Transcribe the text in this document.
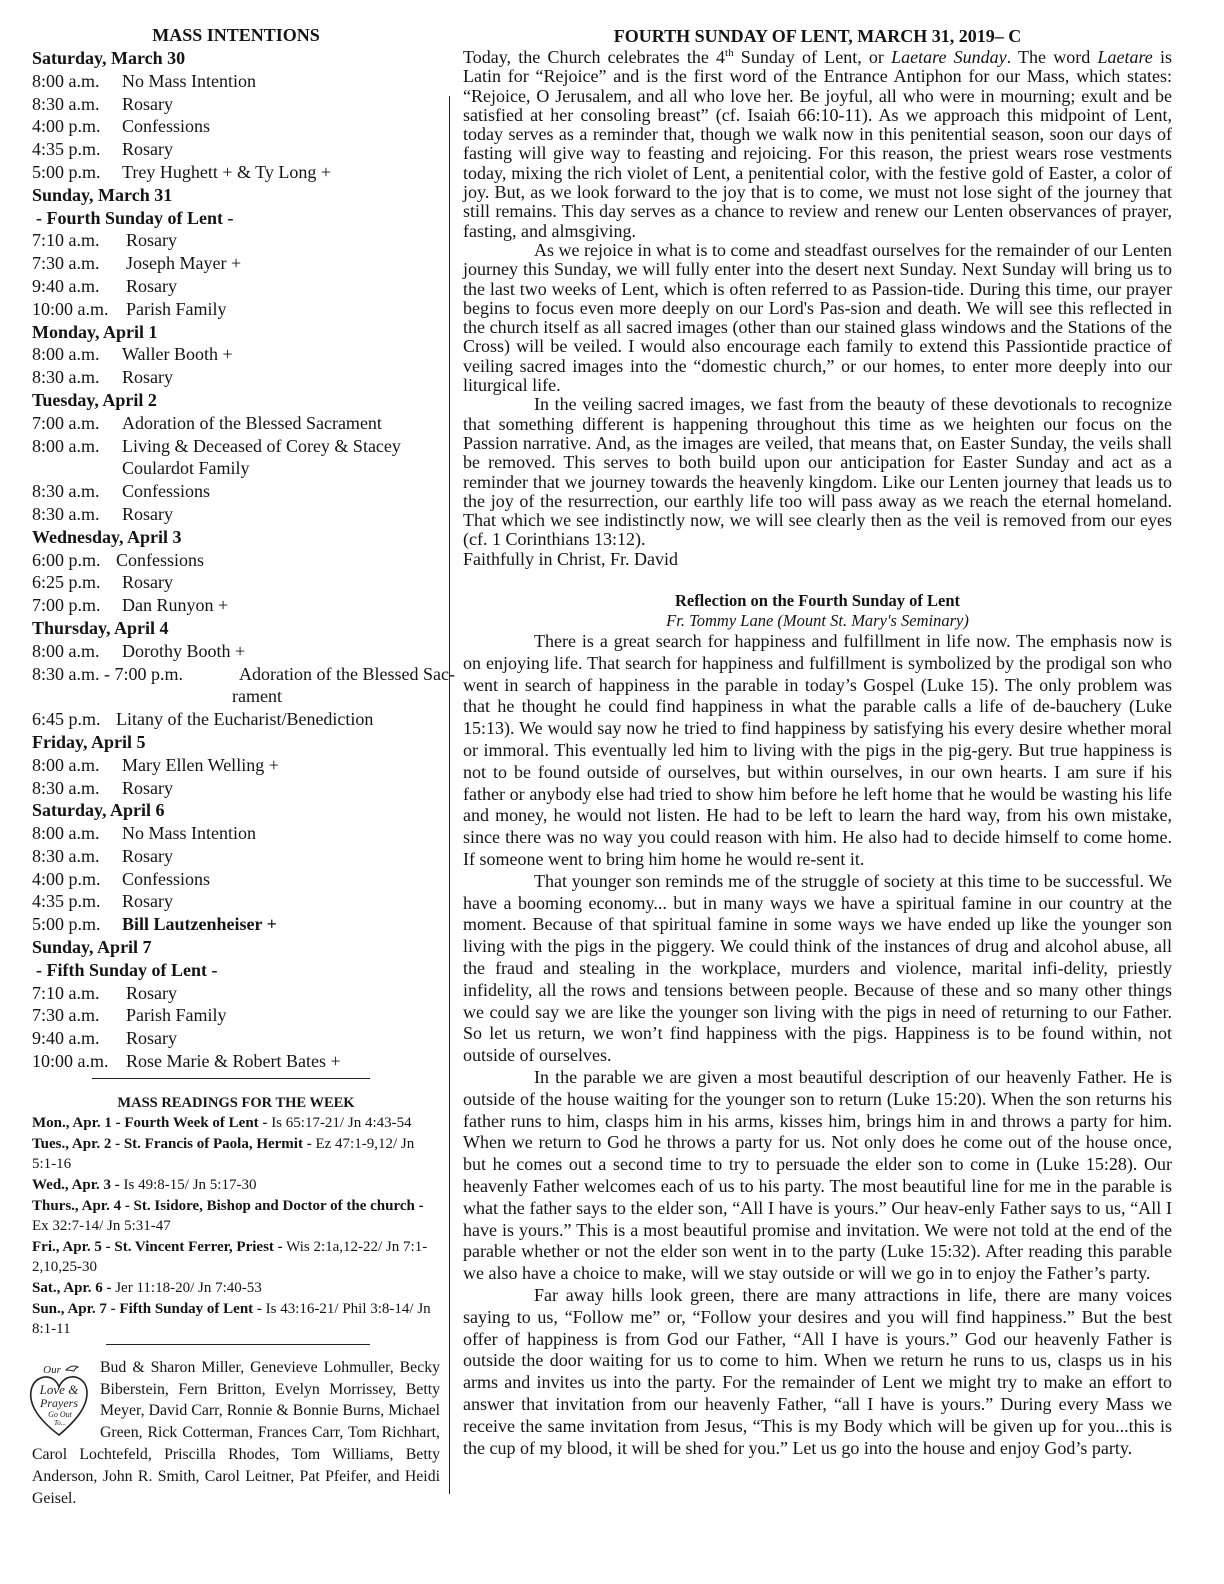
MASS INTENTIONS
Saturday, March 30
8:00 a.m. No Mass Intention
8:30 a.m. Rosary
4:00 p.m. Confessions
4:35 p.m. Rosary
5:00 p.m. Trey Hughett + & Ty Long +
Sunday, March 31
- Fourth Sunday of Lent -
7:10 a.m. Rosary
7:30 a.m. Joseph Mayer +
9:40 a.m. Rosary
10:00 a.m. Parish Family
Monday, April 1
8:00 a.m. Waller Booth +
8:30 a.m. Rosary
Tuesday, April 2
7:00 a.m. Adoration of the Blessed Sacrament
8:00 a.m. Living & Deceased of Corey & Stacey
Coulardot Family
8:30 a.m. Confessions
8:30 a.m. Rosary
Wednesday, April 3
6:00 p.m. Confessions
6:25 p.m. Rosary
7:00 p.m. Dan Runyon +
Thursday, April 4
8:00 a.m. Dorothy Booth +
8:30 a.m. - 7:00 p.m.	Adoration of the Blessed Sac-
rament
6:45 p.m. Litany of the Eucharist/Benediction
Friday, April 5
8:00 a.m. Mary Ellen Welling +
8:30 a.m. Rosary
Saturday, April 6
8:00 a.m. No Mass Intention
8:30 a.m. Rosary
4:00 p.m. Confessions
4:35 p.m. Rosary
5:00 p.m. Bill Lautzenheiser +
Sunday, April 7
- Fifth Sunday of Lent -
7:10 a.m. Rosary
7:30 a.m. Parish Family
9:40 a.m. Rosary
10:00 a.m. Rose Marie & Robert Bates +
MASS READINGS FOR THE WEEK
Mon., Apr. 1 - Fourth Week of Lent - Is 65:17-21/ Jn 4:43-54
Tues., Apr. 2 - St. Francis of Paola, Hermit - Ez 47:1-9,12/ Jn 5:1-16
Wed., Apr. 3 - Is 49:8-15/ Jn 5:17-30
Thurs., Apr. 4 - St. Isidore, Bishop and Doctor of the church - Ex 32:7-14/ Jn 5:31-47
Fri., Apr. 5 - St. Vincent Ferrer, Priest - Wis 2:1a,12-22/ Jn 7:1-2,10,25-30
Sat., Apr. 6 - Jer 11:18-20/ Jn 7:40-53
Sun., Apr. 7 - Fifth Sunday of Lent - Is 43:16-21/ Phil 3:8-14/ Jn 8:1-11
Our
Love &
Prayers
Go Out
To...
Bud & Sharon Miller, Genevieve Lohmuller, Becky Biberstein, Fern Britton, Evelyn Morrissey, Betty Meyer, David Carr, Ronnie & Bonnie Burns, Michael Green, Rick Cotterman, Frances Carr, Tom Richhart, Carol Lochtefeld, Priscilla Rhodes, Tom Williams, Betty Anderson, John R. Smith, Carol Leitner, Pat Pfeifer, and Heidi Geisel.
FOURTH SUNDAY OF LENT, MARCH 31, 2019– C

Today, the Church celebrates the 4th Sunday of Lent, or Laetare Sunday. The word Laetare is Latin for “Rejoice” and is the first word of the Entrance Antiphon for our Mass, which states: “Rejoice, O Jerusalem, and all who love her. Be joyful, all who were in mourning; exult and be satisfied at her consoling breast” (cf. Isaiah 66:10-11). As we approach this midpoint of Lent, today serves as a reminder that, though we walk now in this penitential season, soon our days of fasting will give way to feasting and rejoicing. For this reason, the priest wears rose vestments today, mixing the rich violet of Lent, a penitential color, with the festive gold of Easter, a color of joy. But, as we look forward to the joy that is to come, we must not lose sight of the journey that still remains. This day serves as a chance to review and renew our Lenten observances of prayer, fasting, and almsgiving.

As we rejoice in what is to come and steadfast ourselves for the remainder of our Lenten journey this Sunday, we will fully enter into the desert next Sunday. Next Sunday will bring us to the last two weeks of Lent, which is often referred to as Passion-tide. During this time, our prayer begins to focus even more deeply on our Lord's Pas-sion and death. We will see this reflected in the church itself as all sacred images (other than our stained glass windows and the Stations of the Cross) will be veiled. I would also encourage each family to extend this Passiontide practice of veiling sacred images into the “domestic church,” or our homes, to enter more deeply into our liturgical life.

In the veiling sacred images, we fast from the beauty of these devotionals to recognize that something different is happening throughout this time as we heighten our focus on the Passion narrative. And, as the images are veiled, that means that, on Easter Sunday, the veils shall be removed. This serves to both build upon our anticipation for Easter Sunday and act as a reminder that we journey towards the heavenly kingdom. Like our Lenten journey that leads us to the joy of the resurrection, our earthly life too will pass away as we reach the eternal homeland. That which we see indistinctly now, we will see clearly then as the veil is removed from our eyes (cf. 1 Corinthians 13:12).

Faithfully in Christ, Fr. David
Reflection on the Fourth Sunday of Lent
Fr. Tommy Lane (Mount St. Mary's Seminary)

There is a great search for happiness and fulfillment in life now. The emphasis now is on enjoying life. That search for happiness and fulfillment is symbolized by the prodigal son who went in search of happiness in the parable in today’s Gospel (Luke 15). The only problem was that he thought he could find happiness in what the parable calls a life of de-bauchery (Luke 15:13). We would say now he tried to find happiness by satisfying his every desire whether moral or immoral. This eventually led him to living with the pigs in the pig-gery. But true happiness is not to be found outside of ourselves, but within ourselves, in our own hearts. I am sure if his father or anybody else had tried to show him before he left home that he would be wasting his life and money, he would not listen. He had to be left to learn the hard way, from his own mistake, since there was no way you could reason with him. He also had to decide himself to come home. If someone went to bring him home he would re-sent it.

That younger son reminds me of the struggle of society at this time to be successful. We have a booming economy... but in many ways we have a spiritual famine in our country at the moment. Because of that spiritual famine in some ways we have ended up like the younger son living with the pigs in the piggery. We could think of the instances of drug and alcohol abuse, all the fraud and stealing in the workplace, murders and violence, marital infi-delity, priestly infidelity, all the rows and tensions between people. Because of these and so many other things we could say we are like the younger son living with the pigs in need of returning to our Father. So let us return, we won’t find happiness with the pigs. Happiness is to be found within, not outside of ourselves.

In the parable we are given a most beautiful description of our heavenly Father. He is outside of the house waiting for the younger son to return (Luke 15:20). When the son returns his father runs to him, clasps him in his arms, kisses him, brings him in and throws a party for him. When we return to God he throws a party for us. Not only does he come out of the house once, but he comes out a second time to try to persuade the elder son to come in (Luke 15:28). Our heavenly Father welcomes each of us to his party. The most beautiful line for me in the parable is what the father says to the elder son, “All I have is yours.” Our heav-enly Father says to us, “All I have is yours.” This is a most beautiful promise and invitation. We were not told at the end of the parable whether or not the elder son went in to the party (Luke 15:32). After reading this parable we also have a choice to make, will we stay outside or will we go in to enjoy the Father’s party.

Far away hills look green, there are many attractions in life, there are many voices saying to us, “Follow me” or, “Follow your desires and you will find happiness.” But the best offer of happiness is from God our Father, “All I have is yours.” God our heavenly Father is outside the door waiting for us to come to him. When we return he runs to us, clasps us in his arms and invites us into the party. For the remainder of Lent we might try to make an effort to answer that invitation from our heavenly Father, “all I have is yours.” During every Mass we receive the same invitation from Jesus, “This is my Body which will be given up for you...this is the cup of my blood, it will be shed for you.” Let us go into the house and enjoy God’s party.
